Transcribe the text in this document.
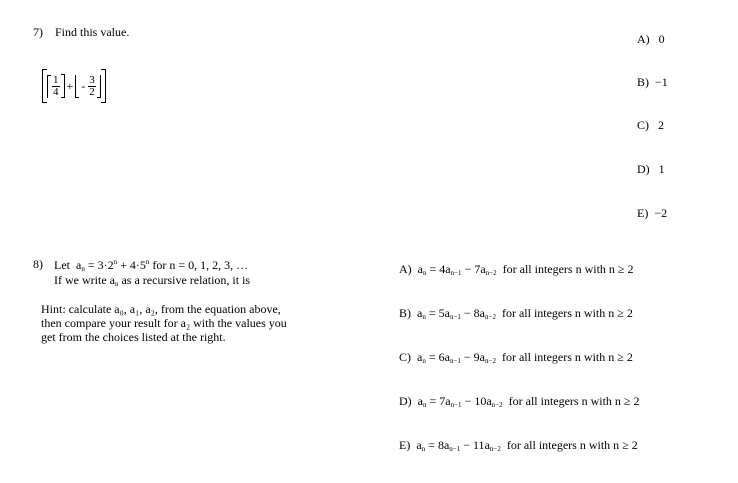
7) Find this value.
$\frac{1}{4}$ + - $\frac{3}{2}$
A) 0
B) −1
C) 2
D) 1
E) −2
8) Let $a_n = 3\cdot 2^n + 4\cdot 5^n$ for n = 0, 1, 2, 3, …
If we write $a_n$ as a recursive relation, it is
Hint: calculate a₀, a₁, a₂, from the equation above, then compare your result for a₂ with the values you get from the choices listed at the right.
A)  $a_n = 4a_{n-1} - 7a_{n-2}$ for all integers n with n ≥ 2
B)  $a_n = 5a_{n-1} - 8a_{n-2}$ for all integers n with n ≥ 2
C)  $a_n = 6a_{n-1} - 9a_{n-2}$ for all integers n with n ≥ 2
D)  $a_n = 7a_{n-1} - 10a_{n-2}$ for all integers n with n ≥ 2
E)  $a_n = 8a_{n-1} - 11a_{n-2}$ for all integers n with n ≥ 2
